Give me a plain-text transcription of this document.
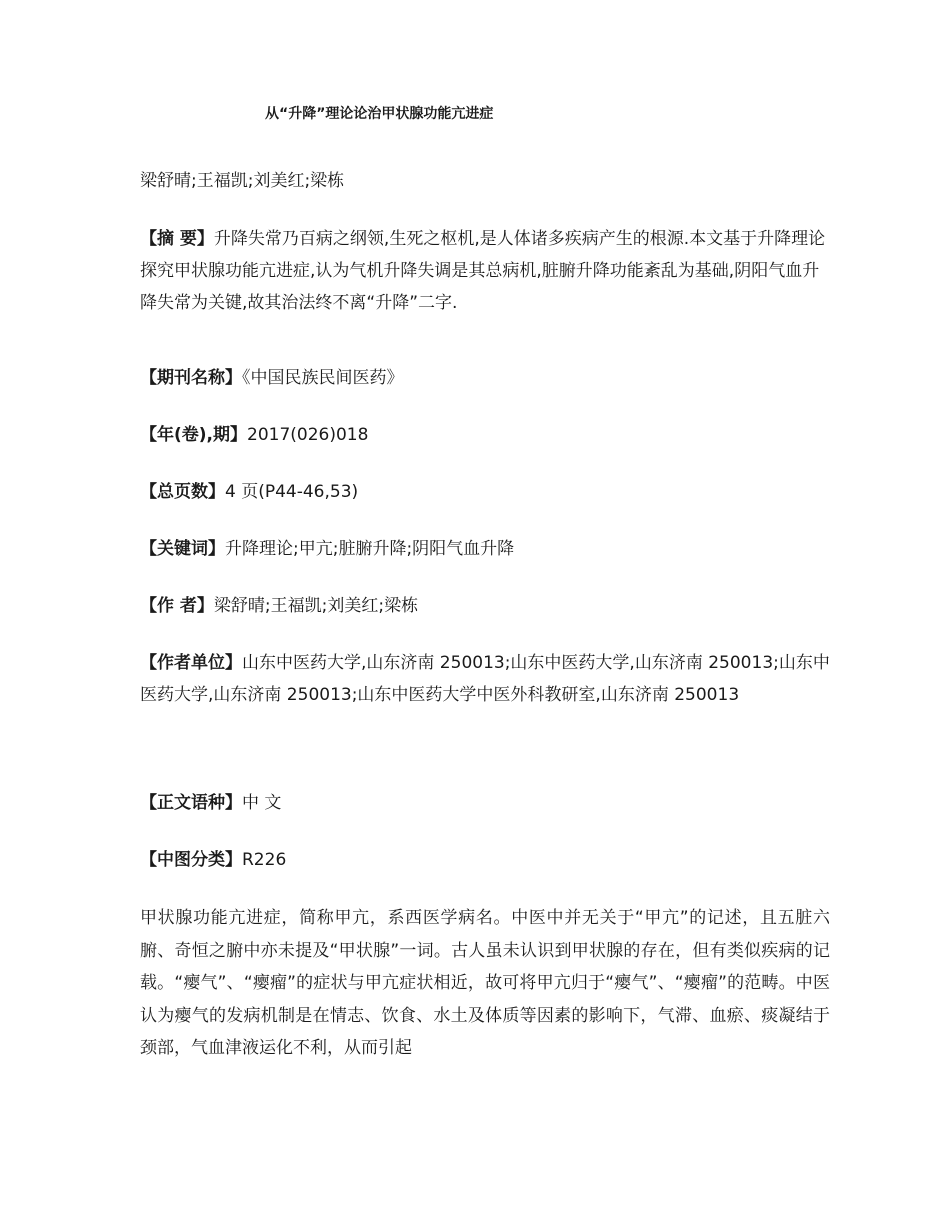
从“升降”理论论治甲状腺功能亢进症
梁舒晴;王福凯;刘美红;梁栋
【摘 要】升降失常乃百病之纲领,生死之枢机,是人体诸多疾病产生的根源.本文基于升降理论探究甲状腺功能亢进症,认为气机升降失调是其总病机,脏腑升降功能紊乱为基础,阴阳气血升降失常为关键,故其治法终不离“升降”二字.
【期刊名称】《中国民族民间医药》
【年(卷),期】2017(026)018
【总页数】4 页(P44-46,53)
【关键词】升降理论;甲亢;脏腑升降;阴阳气血升降
【作 者】梁舒晴;王福凯;刘美红;梁栋
【作者单位】山东中医药大学,山东济南 250013;山东中医药大学,山东济南 250013;山东中医药大学,山东济南 250013;山东中医药大学中医外科教研室,山东济南 250013
【正文语种】中 文
【中图分类】R226
甲状腺功能亢进症，简称甲亢，系西医学病名。中医中并无关于“甲亢”的记述，且五脏六腑、奇恒之腑中亦未提及“甲状腺”一词。古人虽未认识到甲状腺的存在，但有类似疾病的记载。“瘿气”、“瘿瘤”的症状与甲亢症状相近，故可将甲亢归于“瘿气”、“瘿瘤”的范畴。中医认为瘿气的发病机制是在情志、饮食、水土及体质等因素的影响下，气滞、血瘀、痰凝结于颈部，气血津液运化不利，从而引起
